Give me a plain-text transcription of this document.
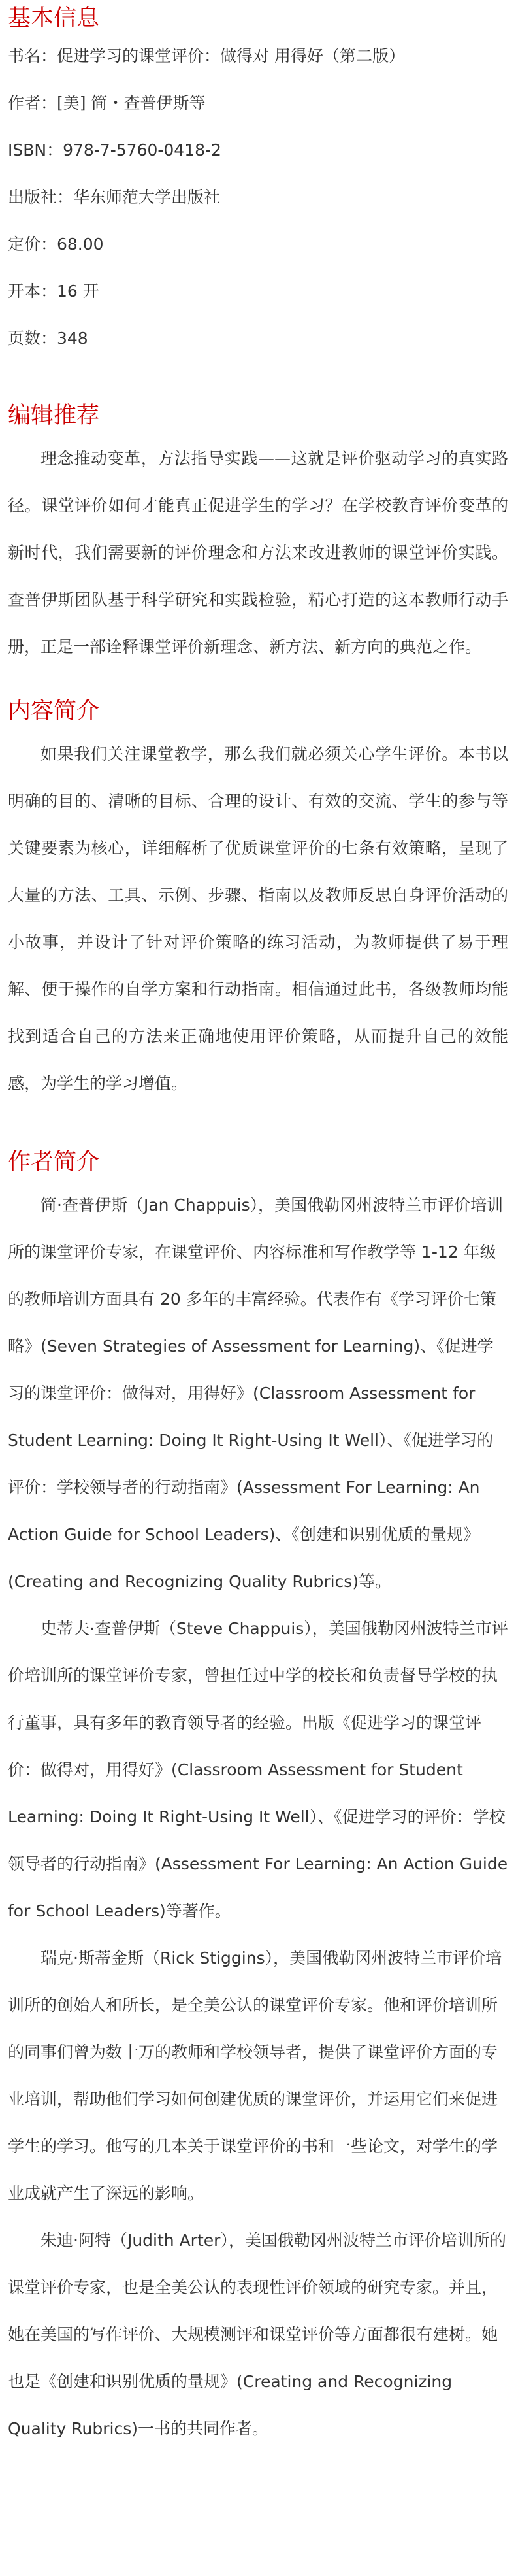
基本信息
书名：促进学习的课堂评价：做得对 用得好（第二版）
作者：[美] 简・查普伊斯等
ISBN：978-7-5760-0418-2
出版社：华东师范大学出版社
定价：68.00
开本：16 开
页数：348
编辑推荐

理念推动变革，方法指导实践——这就是评价驱动学习的真实路径。课堂评价如何才能真正促进学生的学习？在学校教育评价变革的新时代，我们需要新的评价理念和方法来改进教师的课堂评价实践。查普伊斯团队基于科学研究和实践检验，精心打造的这本教师行动手册，正是一部诠释课堂评价新理念、新方法、新方向的典范之作。

内容简介

如果我们关注课堂教学，那么我们就必须关心学生评价。本书以明确的目的、清晰的目标、合理的设计、有效的交流、学生的参与等关键要素为核心，详细解析了优质课堂评价的七条有效策略，呈现了大量的方法、工具、示例、步骤、指南以及教师反思自身评价活动的小故事，并设计了针对评价策略的练习活动，为教师提供了易于理解、便于操作的自学方案和行动指南。相信通过此书，各级教师均能找到适合自己的方法来正确地使用评价策略，从而提升自己的效能感，为学生的学习增值。

作者简介

简·查普伊斯（Jan Chappuis），美国俄勒冈州波特兰市评价培训所的课堂评价专家，在课堂评价、内容标准和写作教学等 1-12 年级的教师培训方面具有 20 多年的丰富经验。代表作有《学习评价七策略》(Seven Strategies of Assessment for Learning)、《促进学习的课堂评价：做得对，用得好》(Classroom Assessment for Student Learning: Doing It Right-Using It Well）、《促进学习的评价：学校领导者的行动指南》(Assessment For Learning: An Action Guide for School Leaders)、《创建和识别优质的量规》(Creating and Recognizing Quality Rubrics)等。

史蒂夫·查普伊斯（Steve Chappuis），美国俄勒冈州波特兰市评价培训所的课堂评价专家，曾担任过中学的校长和负责督导学校的执行董事，具有多年的教育领导者的经验。出版《促进学习的课堂评价：做得对，用得好》(Classroom Assessment for Student Learning: Doing It Right-Using It Well）、《促进学习的评价：学校领导者的行动指南》(Assessment For Learning: An Action Guide for School Leaders)等著作。

瑞克·斯蒂金斯（Rick Stiggins），美国俄勒冈州波特兰市评价培训所的创始人和所长，是全美公认的课堂评价专家。他和评价培训所的同事们曾为数十万的教师和学校领导者，提供了课堂评价方面的专业培训，帮助他们学习如何创建优质的课堂评价，并运用它们来促进学生的学习。他写的几本关于课堂评价的书和一些论文，对学生的学业成就产生了深远的影响。

朱迪·阿特（Judith Arter），美国俄勒冈州波特兰市评价培训所的课堂评价专家，也是全美公认的表现性评价领域的研究专家。并且，她在美国的写作评价、大规模测评和课堂评价等方面都很有建树。她也是《创建和识别优质的量规》(Creating and Recognizing Quality Rubrics)一书的共同作者。
